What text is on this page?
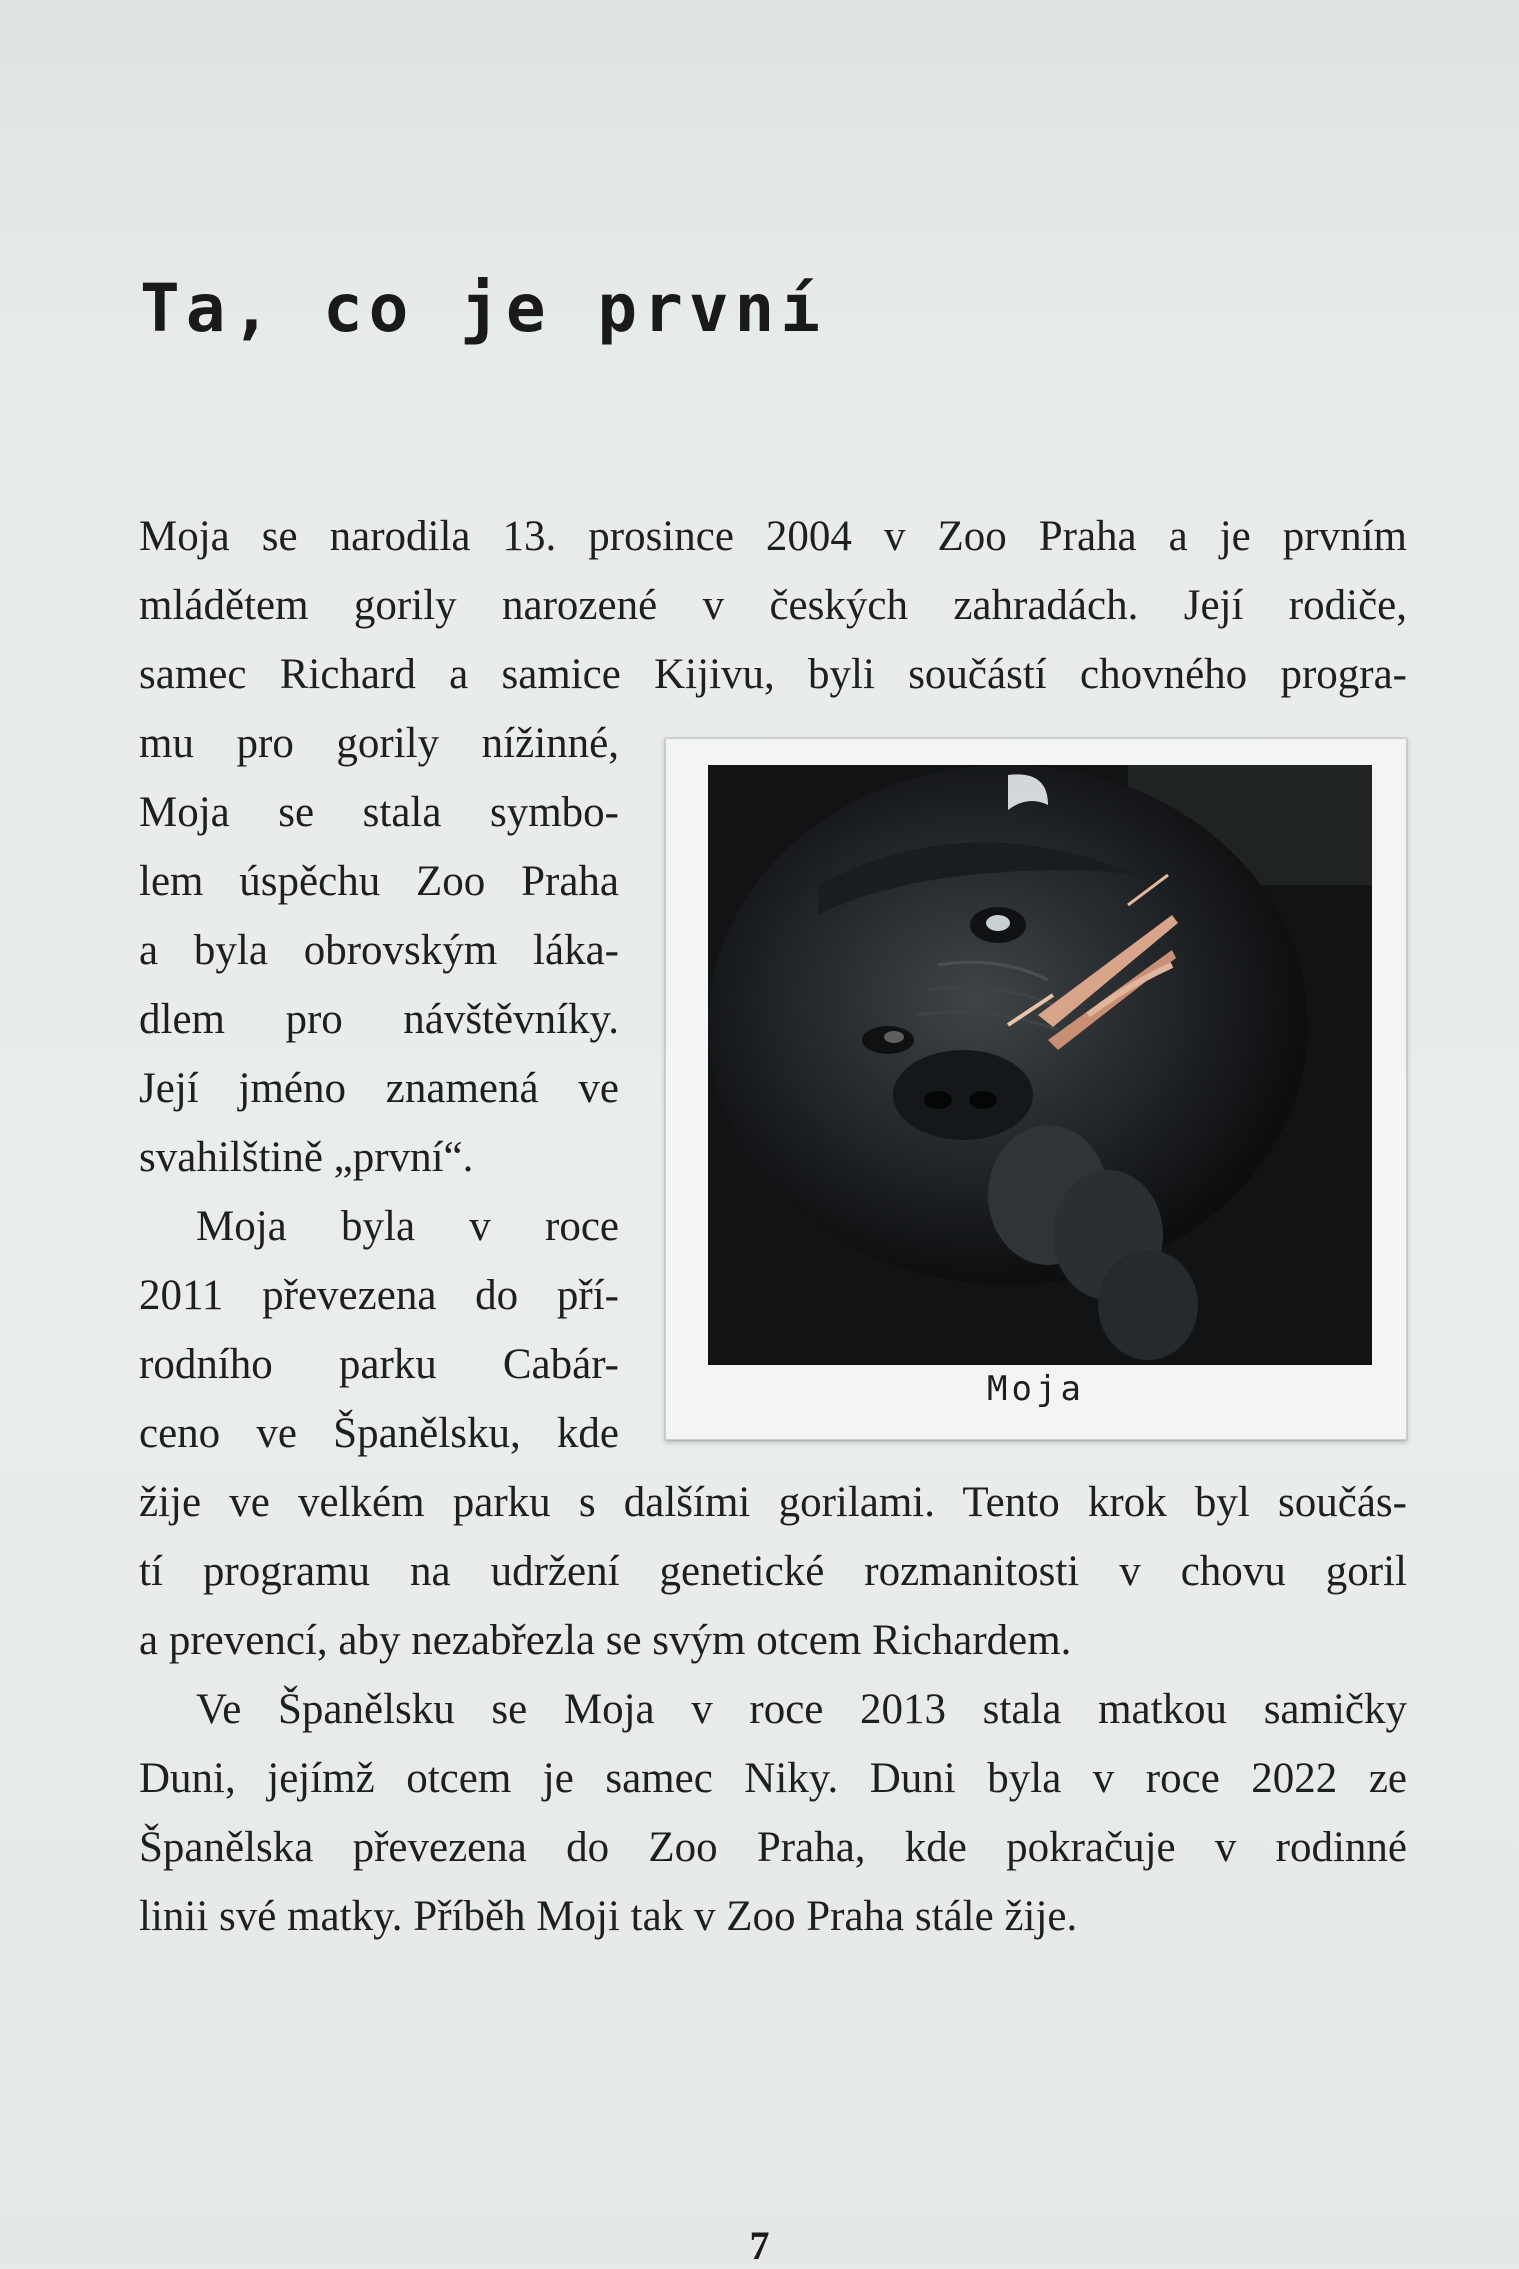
Ta, co je první
Moja se narodila 13. prosince 2004 v Zoo Praha a je prvním
mládětem gorily narozené v českých zahradách. Její rodiče,
samec Richard a samice Kijivu, byli součástí chovného progra-
mu pro gorily nížinné,
Moja se stala symbo-
lem úspěchu Zoo Praha
a byla obrovským láka-
dlem pro návštěvníky.
Její jméno znamená ve
svahilštině „první“.
Moja byla v roce
2011 převezena do pří-
rodního parku Cabár-
ceno ve Španělsku, kde
žije ve velkém parku s dalšími gorilami. Tento krok byl součás-
tí programu na udržení genetické rozmanitosti v chovu goril
a prevencí, aby nezabřezla se svým otcem Richardem.
Ve Španělsku se Moja v roce 2013 stala matkou samičky
Duni, jejímž otcem je samec Niky. Duni byla v roce 2022 ze
Španělska převezena do Zoo Praha, kde pokračuje v rodinné
linii své matky. Příběh Moji tak v Zoo Praha stále žije.
Moja
7
